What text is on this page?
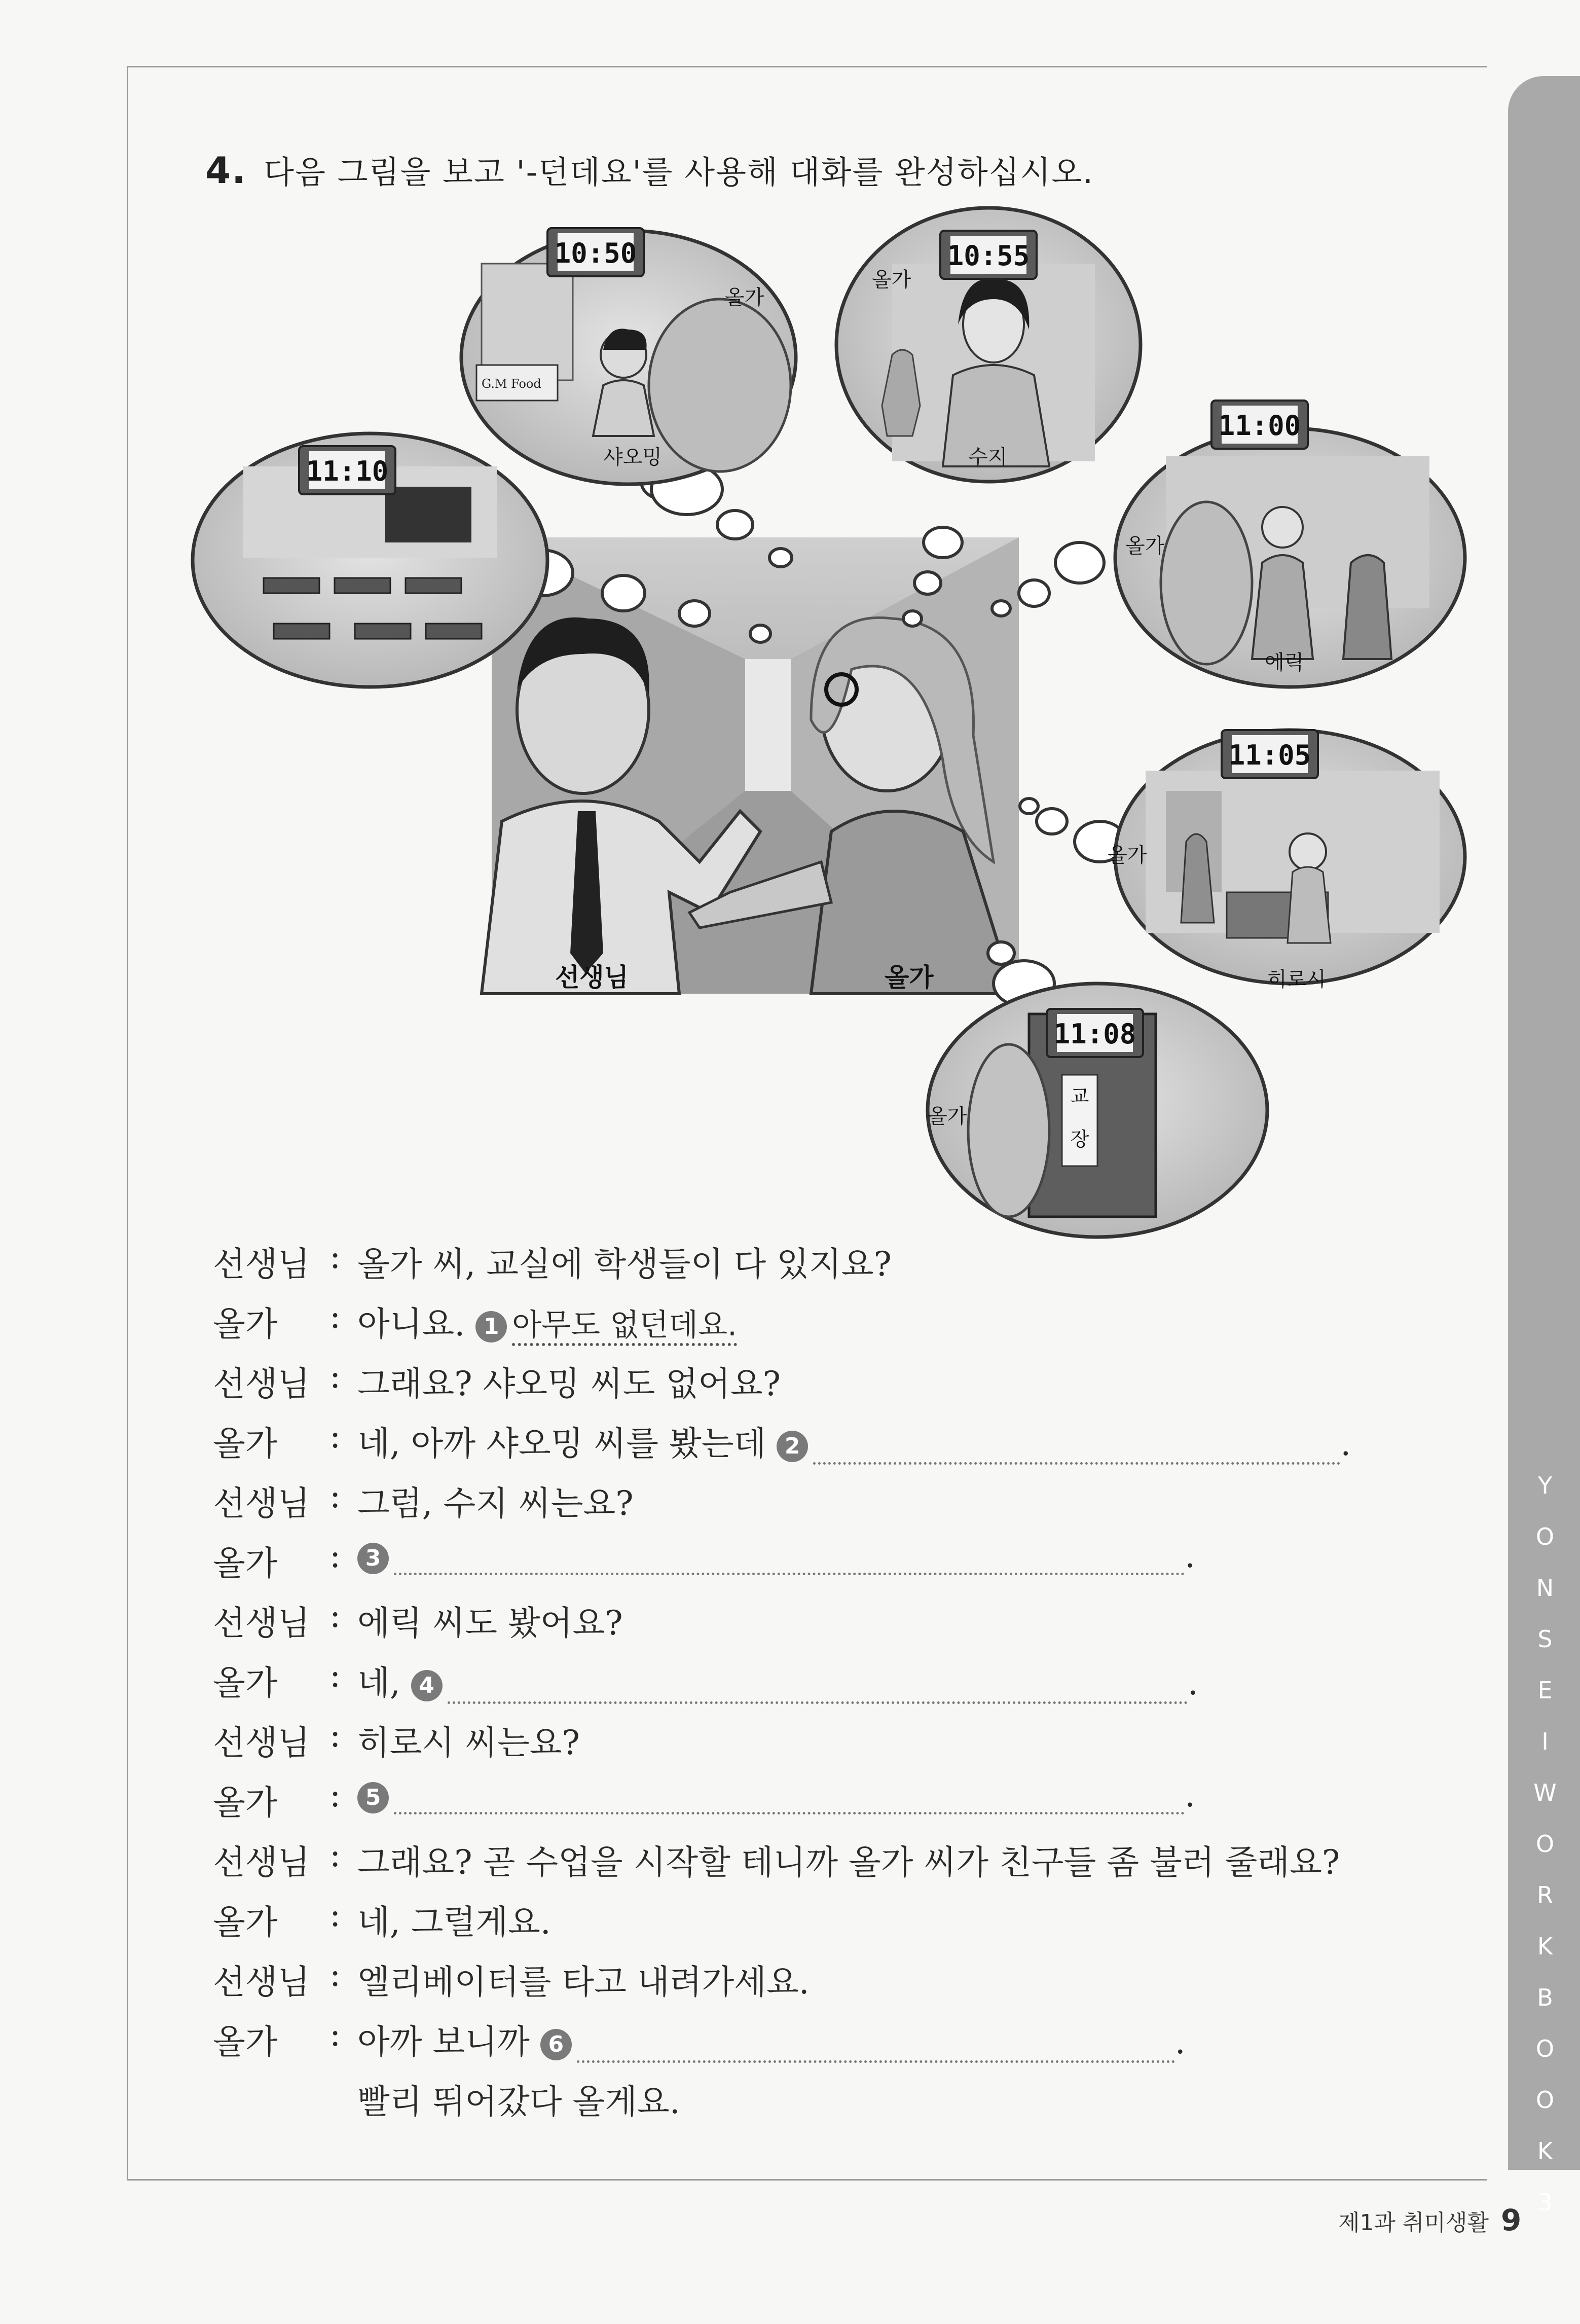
Y
O
N
S
E
I
W
O
R
K
B
O
O
K
3
4. 다음 그림을 보고 '-던데요'를 사용해 대화를 완성하십시오.
선생님	올가
G.M Food
10:50
올가
샤오밍
10:55
올가
수지
11:10
11:00
올가
에릭
11:05
올가
히로시
교
장
11:08
올가
선생님 : 올가 씨, 교실에 학생들이 다 있지요?
올가	: 아니요. 1 아무도 없던데요.
선생님 : 그래요? 샤오밍 씨도 없어요?
올가	: 네, 아까 샤오밍 씨를 봤는데 2	.
선생님 : 그럼, 수지 씨는요?
올가	:	3	.
선생님 : 에릭 씨도 봤어요?
올가	: 네, 4	.
선생님 : 히로시 씨는요?
올가	:	5	.
선생님 : 그래요? 곧 수업을 시작할 테니까 올가 씨가 친구들 좀 불러 줄래요?
올가	: 네, 그럴게요.
선생님 : 엘리베이터를 타고 내려가세요.
올가	: 아까 보니까 6	.
빨리 뛰어갔다 올게요.
제1과 취미생활 9
